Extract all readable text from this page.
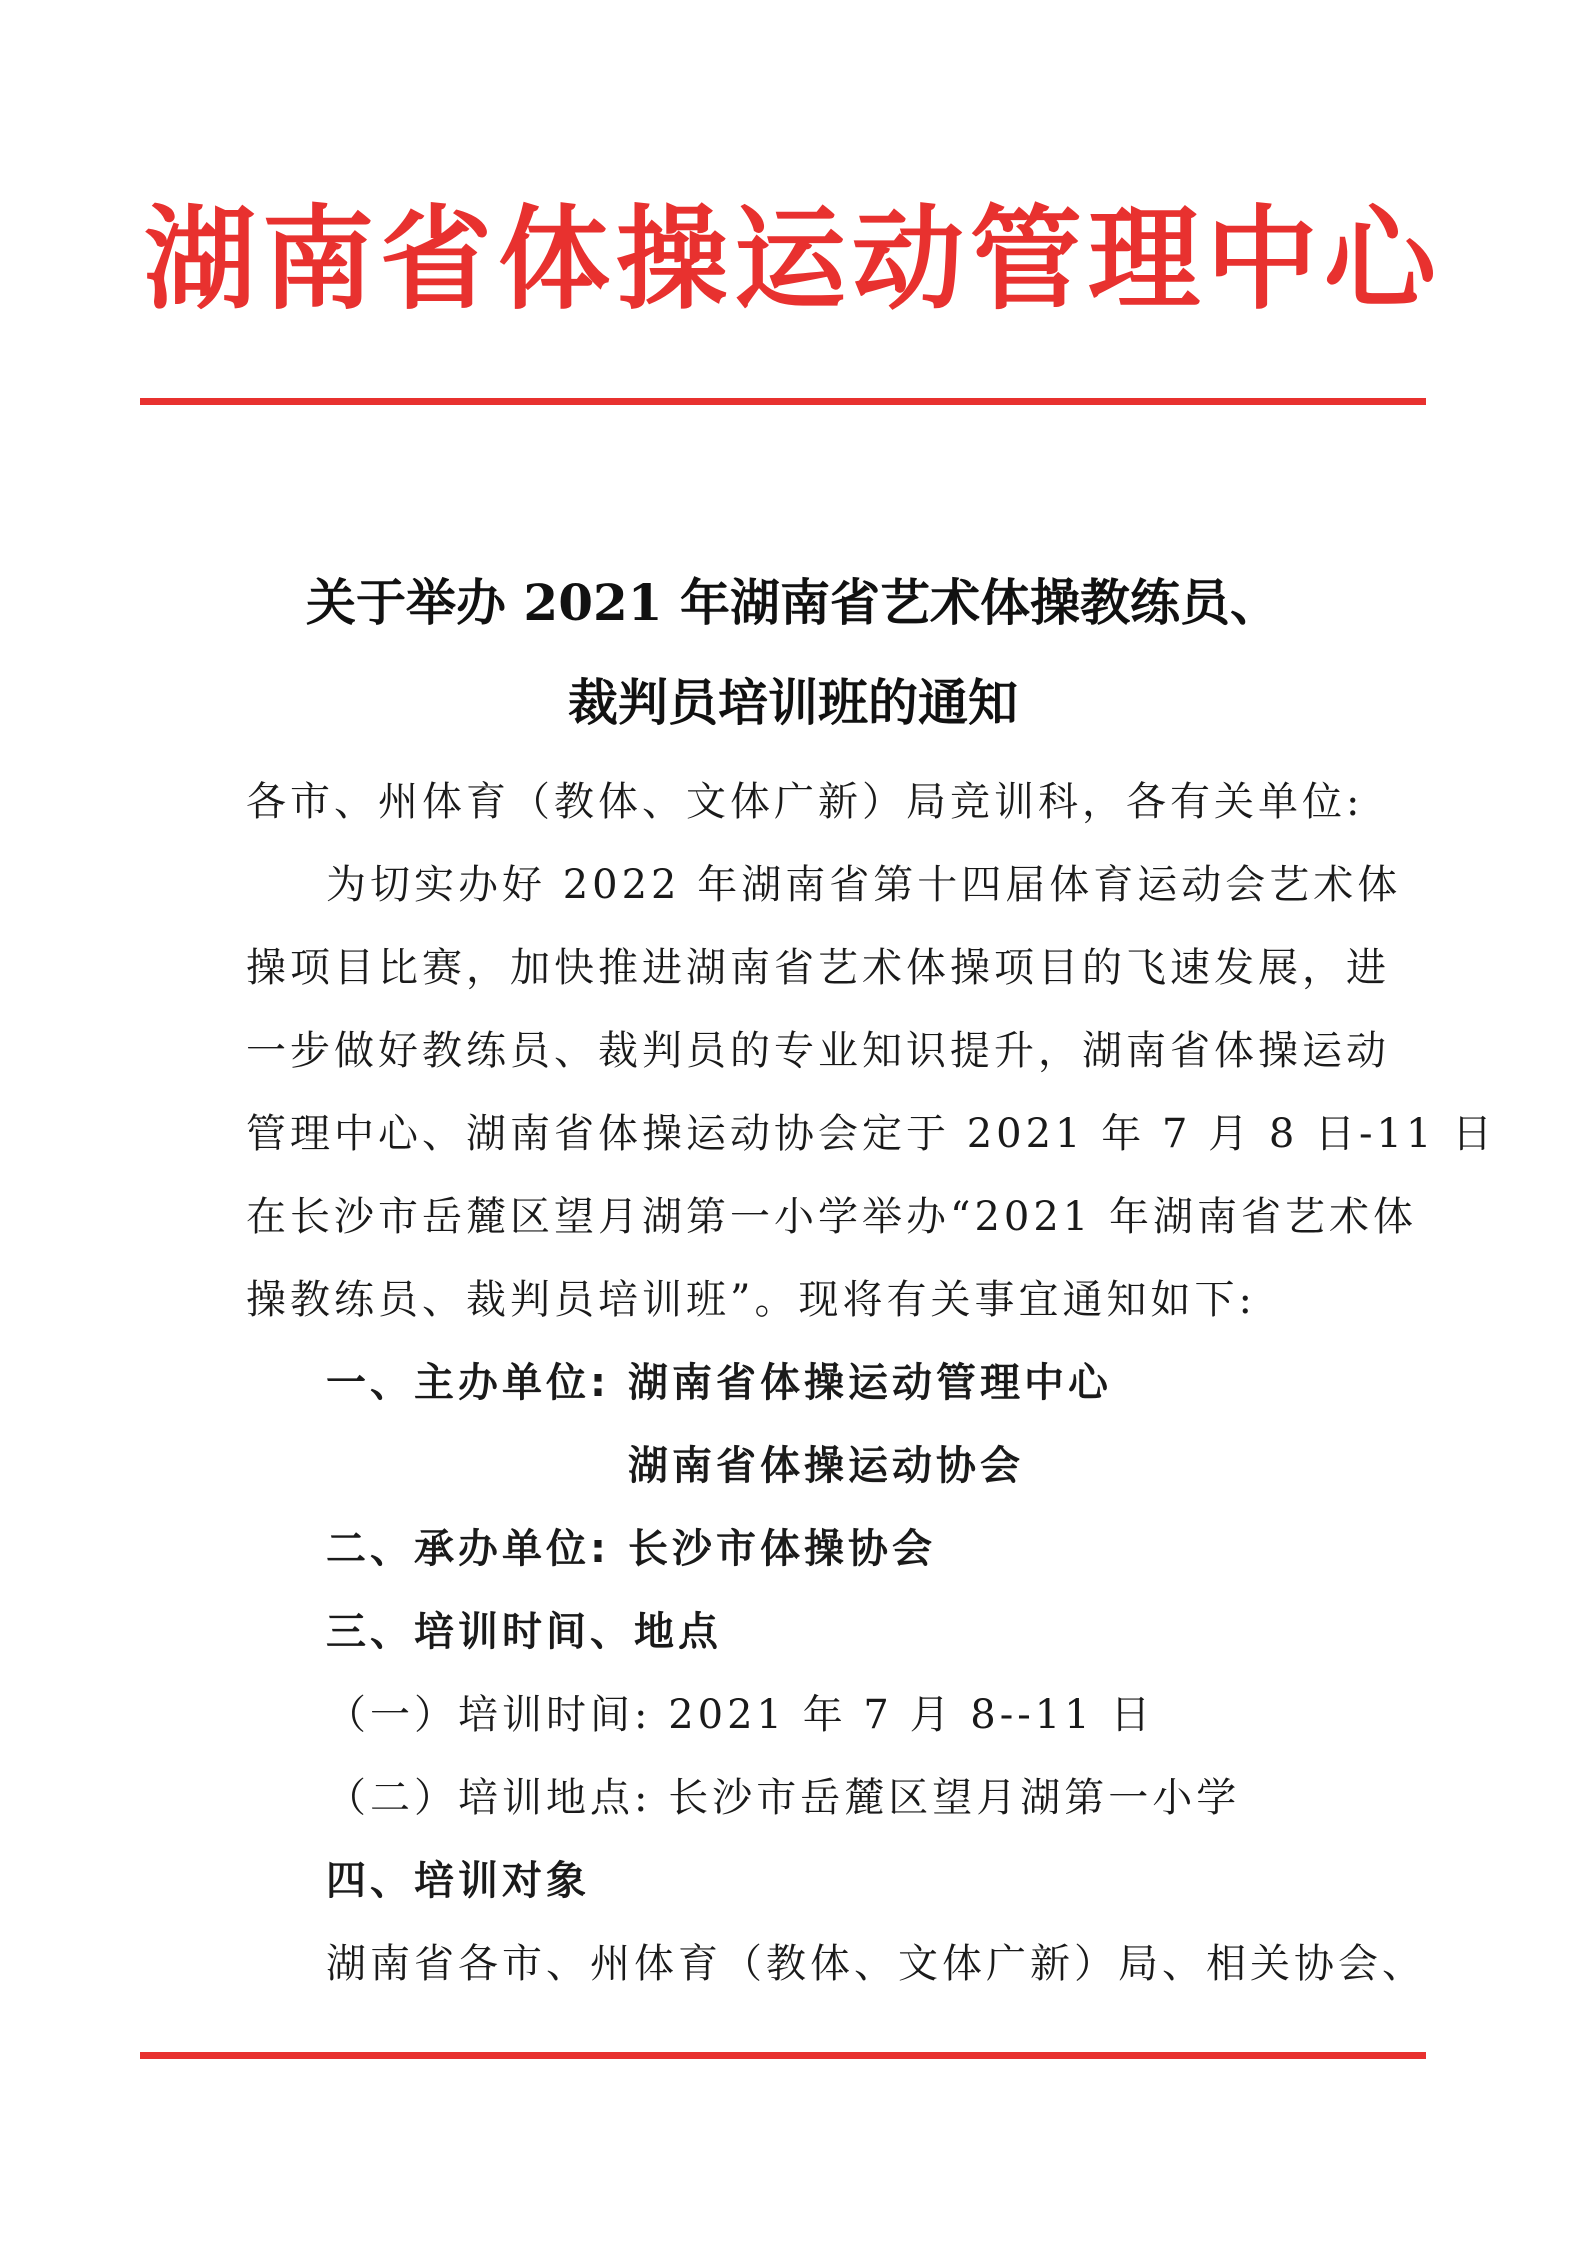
湖南省体操运动管理中心
关于举办 2021 年湖南省艺术体操教练员、
裁判员培训班的通知
各市、州体育（教体、文体广新）局竞训科，各有关单位:
为切实办好 2022 年湖南省第十四届体育运动会艺术体
操项目比赛，加快推进湖南省艺术体操项目的飞速发展，进
一步做好教练员、裁判员的专业知识提升，湖南省体操运动
管理中心、湖南省体操运动协会定于 2021 年 7 月 8 日-11 日
在长沙市岳麓区望月湖第一小学举办“2021 年湖南省艺术体
操教练员、裁判员培训班”。现将有关事宜通知如下:
一、主办单位: 湖南省体操运动管理中心
湖南省体操运动协会
二、承办单位: 长沙市体操协会
三、培训时间、地点
（一）培训时间: 2021 年 7 月 8--11 日
（二）培训地点: 长沙市岳麓区望月湖第一小学
四、培训对象
湖南省各市、州体育（教体、文体广新）局、相关协会、
